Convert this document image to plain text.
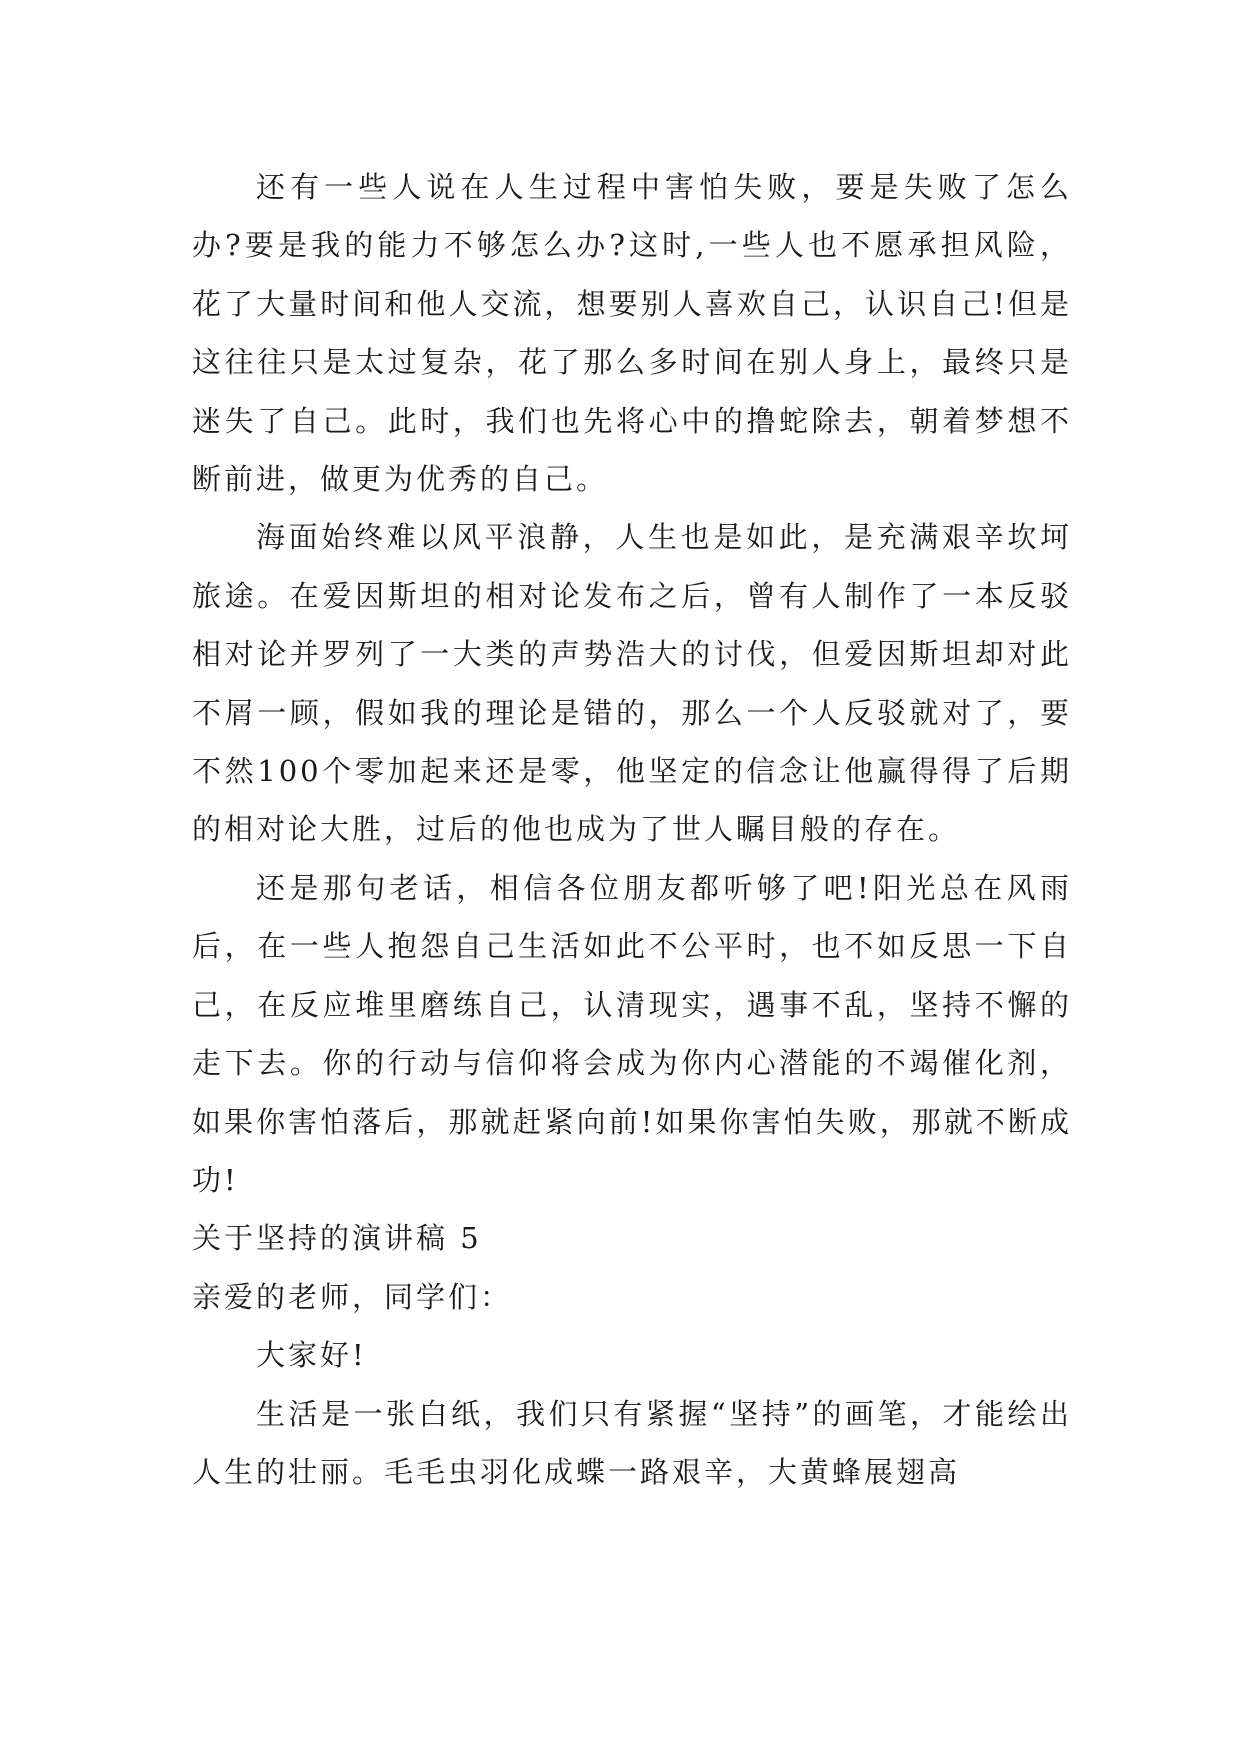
还有一些人说在人生过程中害怕失败，要是失败了怎么办?要是我的能力不够怎么办?这时,一些人也不愿承担风险，花了大量时间和他人交流，想要别人喜欢自己，认识自己!但是这往往只是太过复杂，花了那么多时间在别人身上，最终只是迷失了自己。此时，我们也先将心中的撸蛇除去，朝着梦想不断前进，做更为优秀的自己。

海面始终难以风平浪静，人生也是如此，是充满艰辛坎坷旅途。在爱因斯坦的相对论发布之后，曾有人制作了一本反驳相对论并罗列了一大类的声势浩大的讨伐，但爱因斯坦却对此不屑一顾，假如我的理论是错的，那么一个人反驳就对了，要不然100个零加起来还是零，他坚定的信念让他赢得得了后期的相对论大胜，过后的他也成为了世人瞩目般的存在。

还是那句老话，相信各位朋友都听够了吧!阳光总在风雨后，在一些人抱怨自己生活如此不公平时，也不如反思一下自己，在反应堆里磨练自己，认清现实，遇事不乱，坚持不懈的走下去。你的行动与信仰将会成为你内心潜能的不竭催化剂，如果你害怕落后，那就赶紧向前!如果你害怕失败，那就不断成功!

关于坚持的演讲稿 5

亲爱的老师，同学们：

大家好!

生活是一张白纸，我们只有紧握“坚持”的画笔，才能绘出人生的壮丽。毛毛虫羽化成蝶一路艰辛，大黄蜂展翅高
